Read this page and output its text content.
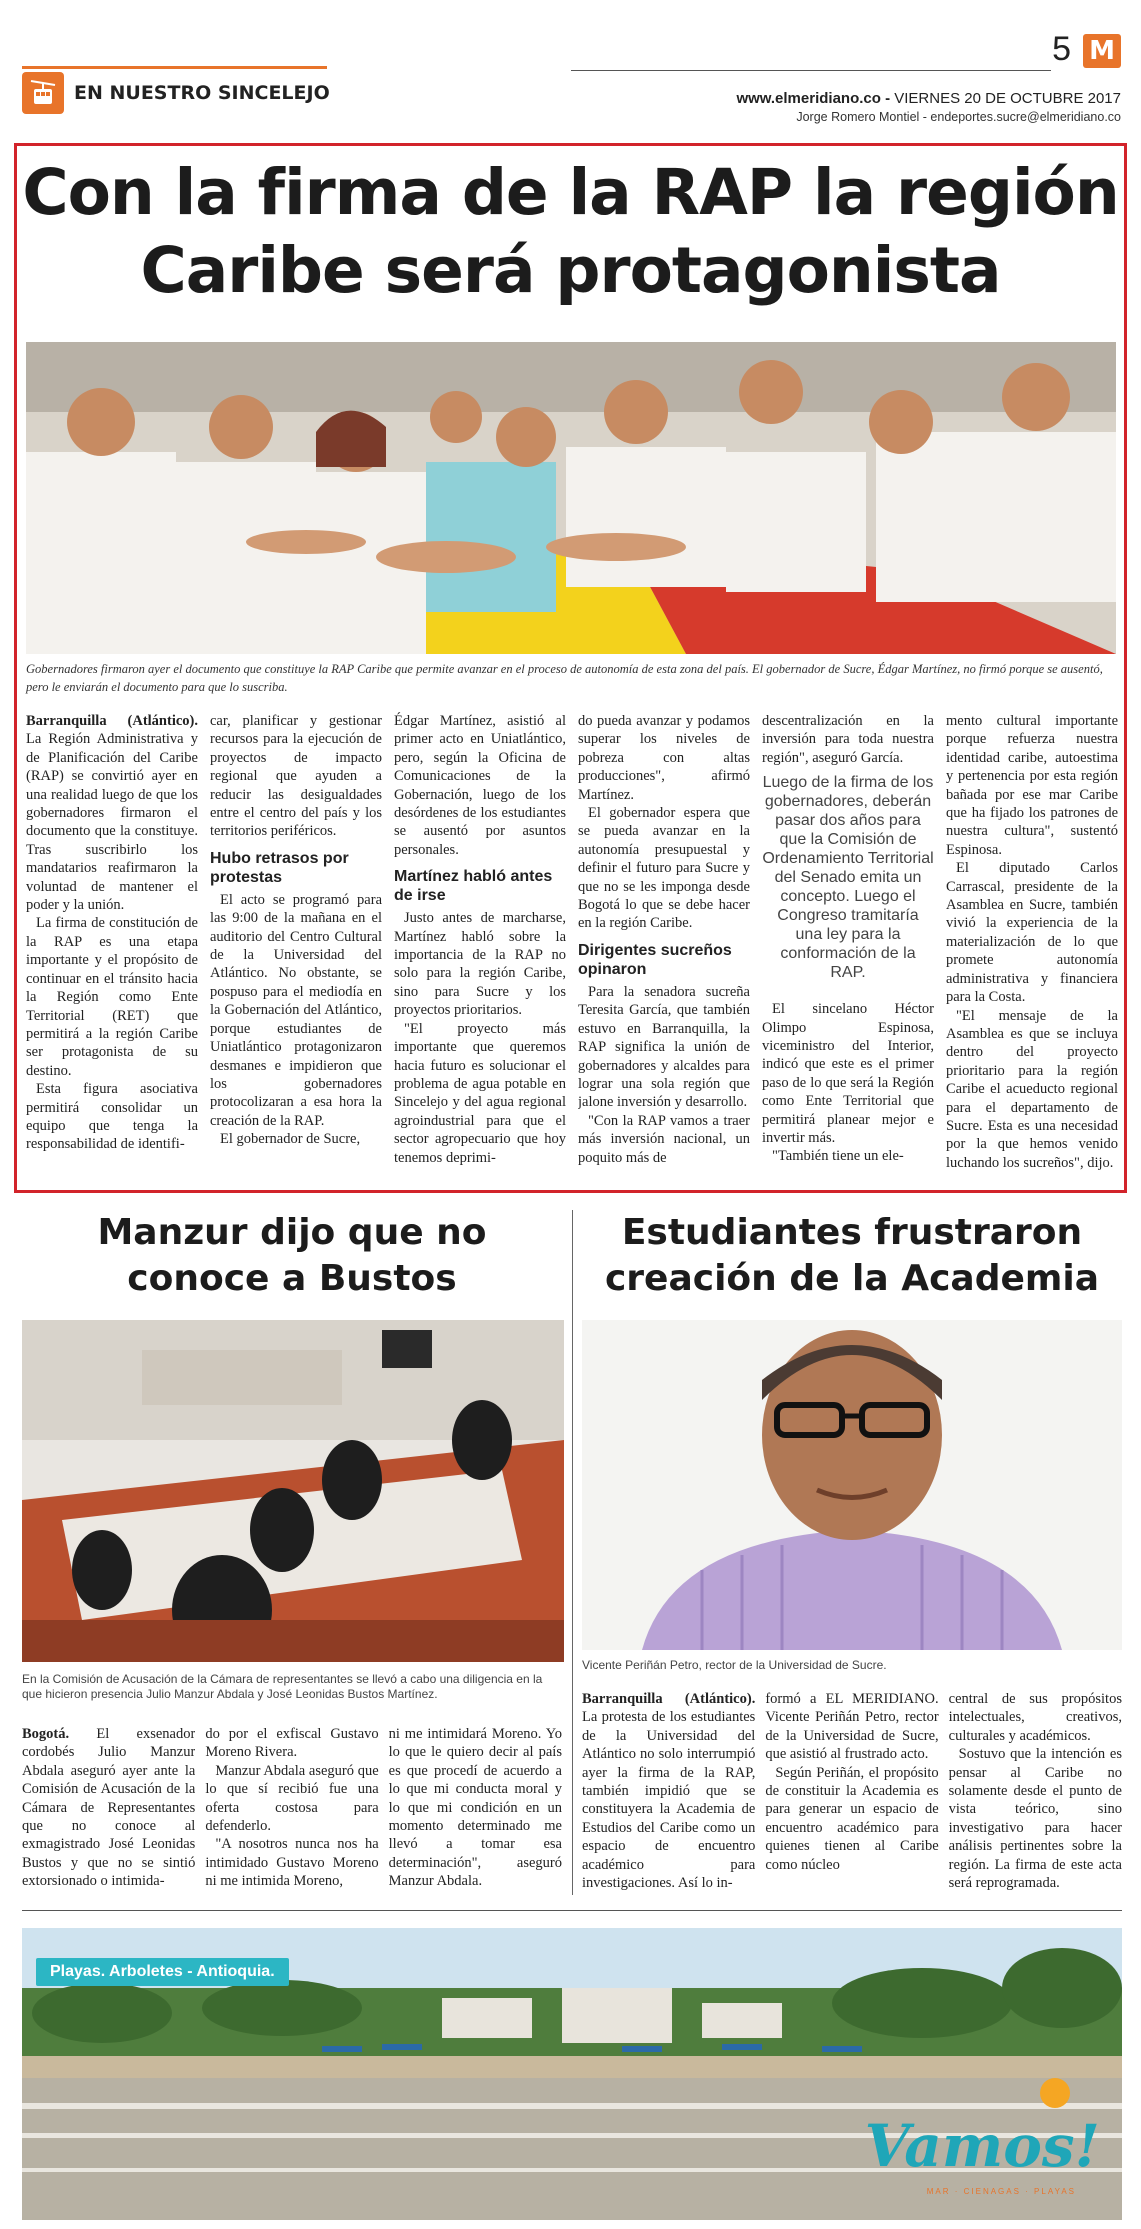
EN NUESTRO SINCELEJO
5 M
www.elmeridiano.co - VIERNES 20 DE OCTUBRE 2017
Jorge Romero Montiel - endeportes.sucre@elmeridiano.co
Con la firma de la RAP la región Caribe será protagonista

Gobernadores firmaron ayer el documento que constituye la RAP Caribe que permite avanzar en el proceso de autonomía de esta zona del país. El gobernador de Sucre, Édgar Martínez, no firmó porque se ausentó, pero le enviarán el documento para que lo suscriba.

Barranquilla (Atlántico). La Región Administrativa y de Planificación del Caribe (RAP) se convirtió ayer en una realidad luego de que los gobernadores firmaron el documento que la constituye. Tras suscribirlo los mandatarios reafirmaron la voluntad de mantener el poder y la unión.

La firma de constitución de la RAP es una etapa importante y el propósito de continuar en el tránsito hacia la Región como Ente Territorial (RET) que permitirá a la región Caribe ser protagonista de su destino.

Esta figura asociativa permitirá consolidar un equipo que tenga la responsabilidad de identifi-

car, planificar y gestionar recursos para la ejecución de proyectos de impacto regional que ayuden a reducir las desigualdades entre el centro del país y los territorios periféricos.

Hubo retrasos por protestas

El acto se programó para las 9:00 de la mañana en el auditorio del Centro Cultural de la Universidad del Atlántico. No obstante, se pospuso para el mediodía en la Gobernación del Atlántico, porque estudiantes de Uniatlántico protagonizaron desmanes e impidieron que los gobernadores protocolizaran a esa hora la creación de la RAP.

El gobernador de Sucre,

Édgar Martínez, asistió al primer acto en Uniatlántico, pero, según la Oficina de Comunicaciones de la Gobernación, luego de los desórdenes de los estudiantes se ausentó por asuntos personales.

Martínez habló antes de irse

Justo antes de marcharse, Martínez habló sobre la importancia de la RAP no solo para la región Caribe, sino para Sucre y los proyectos prioritarios.

"El proyecto más importante que queremos hacia futuro es solucionar el problema de agua potable en Sincelejo y del agua regional agroindustrial para que el sector agropecuario que hoy tenemos deprimi-

do pueda avanzar y podamos superar los niveles de pobreza con altas producciones", afirmó Martínez.

El gobernador espera que se pueda avanzar en la autonomía presupuestal y definir el futuro para Sucre y que no se les imponga desde Bogotá lo que se debe hacer en la región Caribe.

Dirigentes sucreños opinaron

Para la senadora sucreña Teresita García, que también estuvo en Barranquilla, la RAP significa la unión de gobernadores y alcaldes para lograr una sola región que jalone inversión y desarrollo.

"Con la RAP vamos a traer más inversión nacional, un poquito más de

descentralización en la inversión para toda nuestra región", aseguró García.

Luego de la firma de los gobernadores, deberán pasar dos años para que la Comisión de Ordenamiento Territorial del Senado emita un concepto. Luego el Congreso tramitaría una ley para la conformación de la RAP.

El sincelano Héctor Olimpo Espinosa, viceministro del Interior, indicó que este es el primer paso de lo que será la Región como Ente Territorial que permitirá planear mejor e invertir más.

"También tiene un ele-

mento cultural importante porque refuerza nuestra identidad caribe, autoestima y pertenencia por esta región bañada por ese mar Caribe que ha fijado los patrones de nuestra cultura", sustentó Espinosa.

El diputado Carlos Carrascal, presidente de la Asamblea en Sucre, también vivió la experiencia de la materialización de lo que promete autonomía administrativa y financiera para la Costa.

"El mensaje de la Asamblea es que se incluya dentro del proyecto prioritario para la región Caribe el acueducto regional para el departamento de Sucre. Esta es una necesidad por la que hemos venido luchando los sucreños", dijo.

Manzur dijo que no conoce a Bustos

En la Comisión de Acusación de la Cámara de representantes se llevó a cabo una diligencia en la que hicieron presencia Julio Manzur Abdala y José Leonidas Bustos Martínez.

Bogotá. El exsenador cordobés Julio Manzur Abdala aseguró ayer ante la Comisión de Acusación de la Cámara de Representantes que no conoce al exmagistrado José Leonidas Bustos y que no se sintió extorsionado o intimida-

do por el exfiscal Gustavo Moreno Rivera.

Manzur Abdala aseguró que lo que sí recibió fue una oferta costosa para defenderlo.

"A nosotros nunca nos ha intimidado Gustavo Moreno ni me intimida Moreno,

ni me intimidará Moreno. Yo lo que le quiero decir al país es que procedí de acuerdo a lo que mi conducta moral y lo que mi condición en un momento determinado me llevó a tomar esa determinación", aseguró Manzur Abdala.

Estudiantes frustraron creación de la Academia

Vicente Periñán Petro, rector de la Universidad de Sucre.

Barranquilla (Atlántico). La protesta de los estudiantes de la Universidad del Atlántico no solo interrumpió ayer la firma de la RAP, también impidió que se constituyera la Academia de Estudios del Caribe como un espacio de encuentro académico para investigaciones. Así lo in-

formó a EL MERIDIANO. Vicente Periñán Petro, rector de la Universidad de Sucre, que asistió al frustrado acto.

Según Periñán, el propósito de constituir la Academia es para generar un espacio de encuentro académico para quienes tienen al Caribe como núcleo

central de sus propósitos intelectuales, creativos, culturales y académicos.

Sostuvo que la intención es pensar al Caribe no solamente desde el punto de vista teórico, sino investigativo para hacer análisis pertinentes sobre la región. La firma de este acta será reprogramada.

Playas. Arboletes - Antioquia.
Vamos!
MAR · CIENAGAS · PLAYAS
